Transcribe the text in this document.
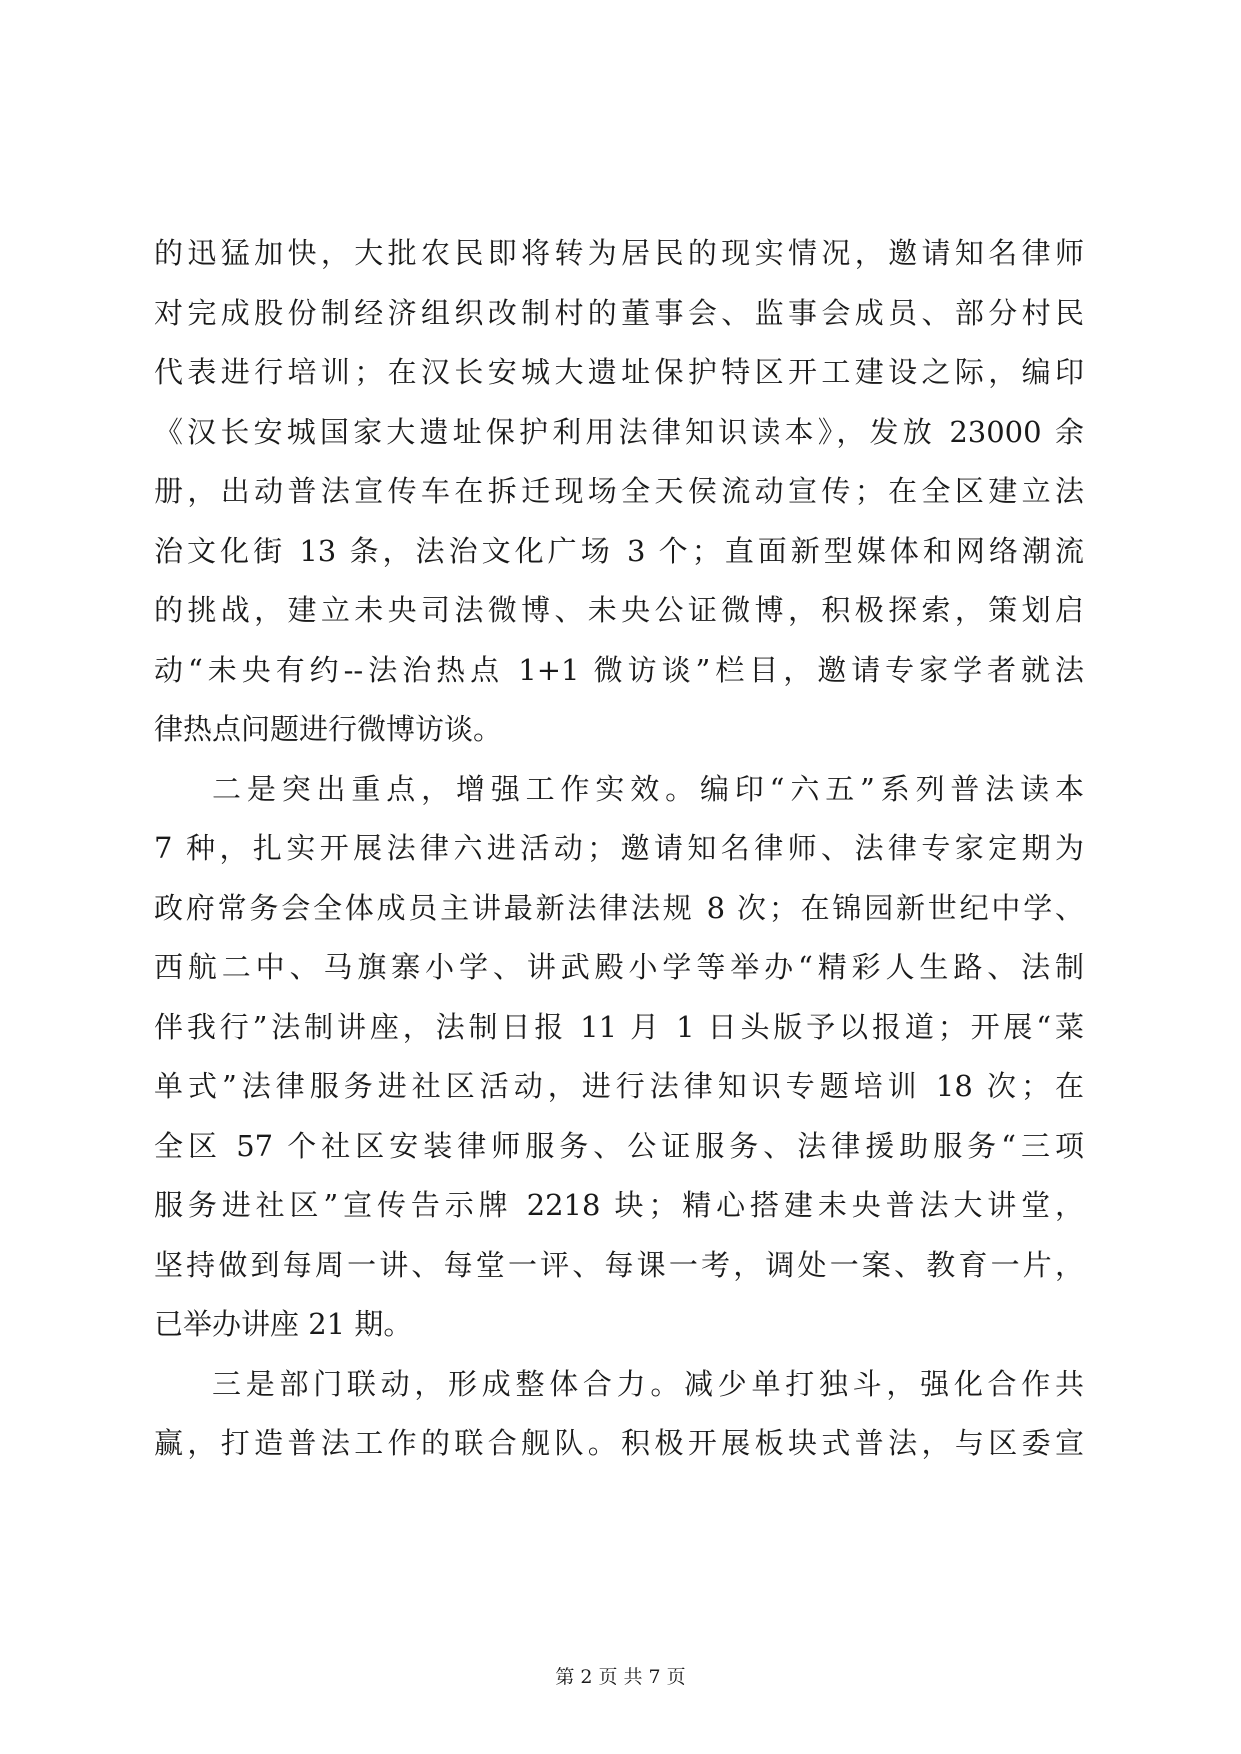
的迅猛加快，大批农民即将转为居民的现实情况，邀请知名律师
对完成股份制经济组织改制村的董事会、监事会成员、部分村民
代表进行培训；在汉长安城大遗址保护特区开工建设之际，编印
《汉长安城国家大遗址保护利用法律知识读本》，发放 23000 余
册，出动普法宣传车在拆迁现场全天侯流动宣传；在全区建立法
治文化街 13 条，法治文化广场 3 个；直面新型媒体和网络潮流
的挑战，建立未央司法微博、未央公证微博，积极探索，策划启
动“未央有约--法治热点 1+1 微访谈”栏目，邀请专家学者就法
律热点问题进行微博访谈。
二是突出重点，增强工作实效。编印“六五”系列普法读本
7 种，扎实开展法律六进活动；邀请知名律师、法律专家定期为
政府常务会全体成员主讲最新法律法规 8 次；在锦园新世纪中学、
西航二中、马旗寨小学、讲武殿小学等举办“精彩人生路、法制
伴我行”法制讲座，法制日报 11 月 1 日头版予以报道；开展“菜
单式”法律服务进社区活动，进行法律知识专题培训 18 次；在
全区 57 个社区安装律师服务、公证服务、法律援助服务“三项
服务进社区”宣传告示牌 2218 块；精心搭建未央普法大讲堂，
坚持做到每周一讲、每堂一评、每课一考，调处一案、教育一片，
已举办讲座 21 期。
三是部门联动，形成整体合力。减少单打独斗，强化合作共
赢，打造普法工作的联合舰队。积极开展板块式普法，与区委宣
第 2 页 共 7 页
